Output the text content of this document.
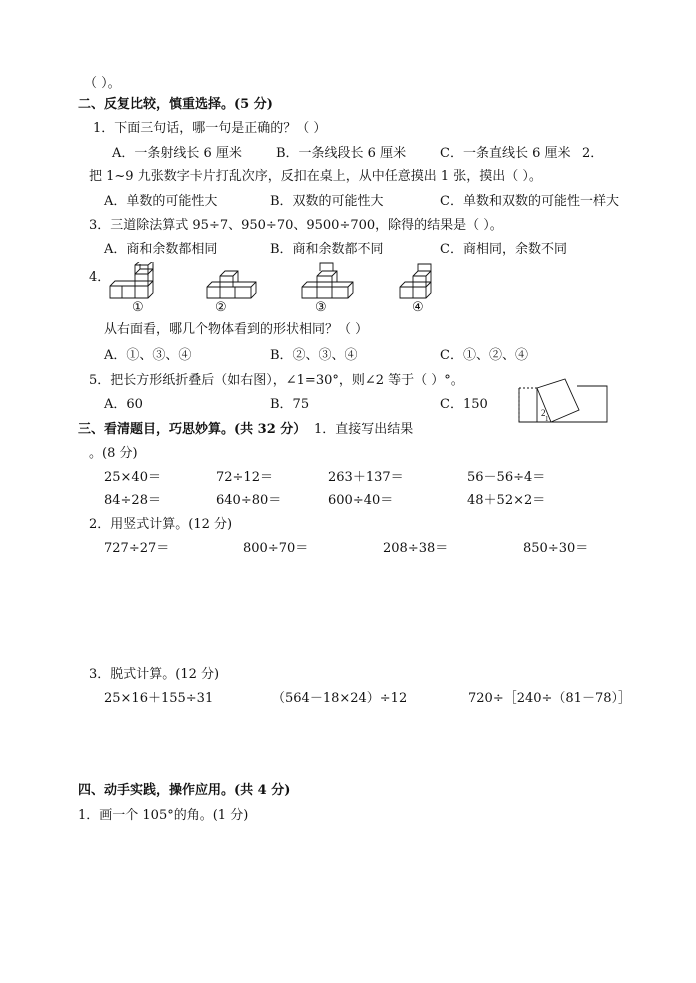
（ ）。
二、反复比较，慎重选择。(5 分)
1．下面三句话，哪一句是正确的？（ ）
A．一条射线长 6 厘米	B．一条线段长 6 厘米	C．一条直线长 6 厘米 2．
把 1~9 九张数字卡片打乱次序，反扣在桌上，从中任意摸出 1 张，摸出（ ）。
A．单数的可能性大	B．双数的可能性大	C．单数和双数的可能性一样大
3．三道除法算式 95÷7、950÷70、9500÷700，除得的结果是（ ）。
A．商和余数都相同	B．商和余数都不同	C．商相同，余数不同
4．
①	②	③	④
从右面看，哪几个物体看到的形状相同？（ ）
A．①、③、④	B．②、③、④	C．①、②、④
5．把长方形纸折叠后（如右图），∠1=30°，则∠2 等于（ ）°。
A．60	B．75	C．150
2
1
三、看清题目，巧思妙算。(共 32 分） 1．直接写出结果
。(8 分)
25×40＝	72÷12＝	263＋137＝	56－56÷4＝
84÷28＝	640÷80＝	600÷40＝	48＋52×2＝
2．用竖式计算。(12 分)
727÷27＝	800÷70＝	208÷38＝	850÷30＝
3．脱式计算。(12 分)
25×16＋155÷31	（564－18×24）÷12	720÷［240÷（81－78）］
四、动手实践，操作应用。(共 4 分)
1．画一个 105°的角。(1 分)
